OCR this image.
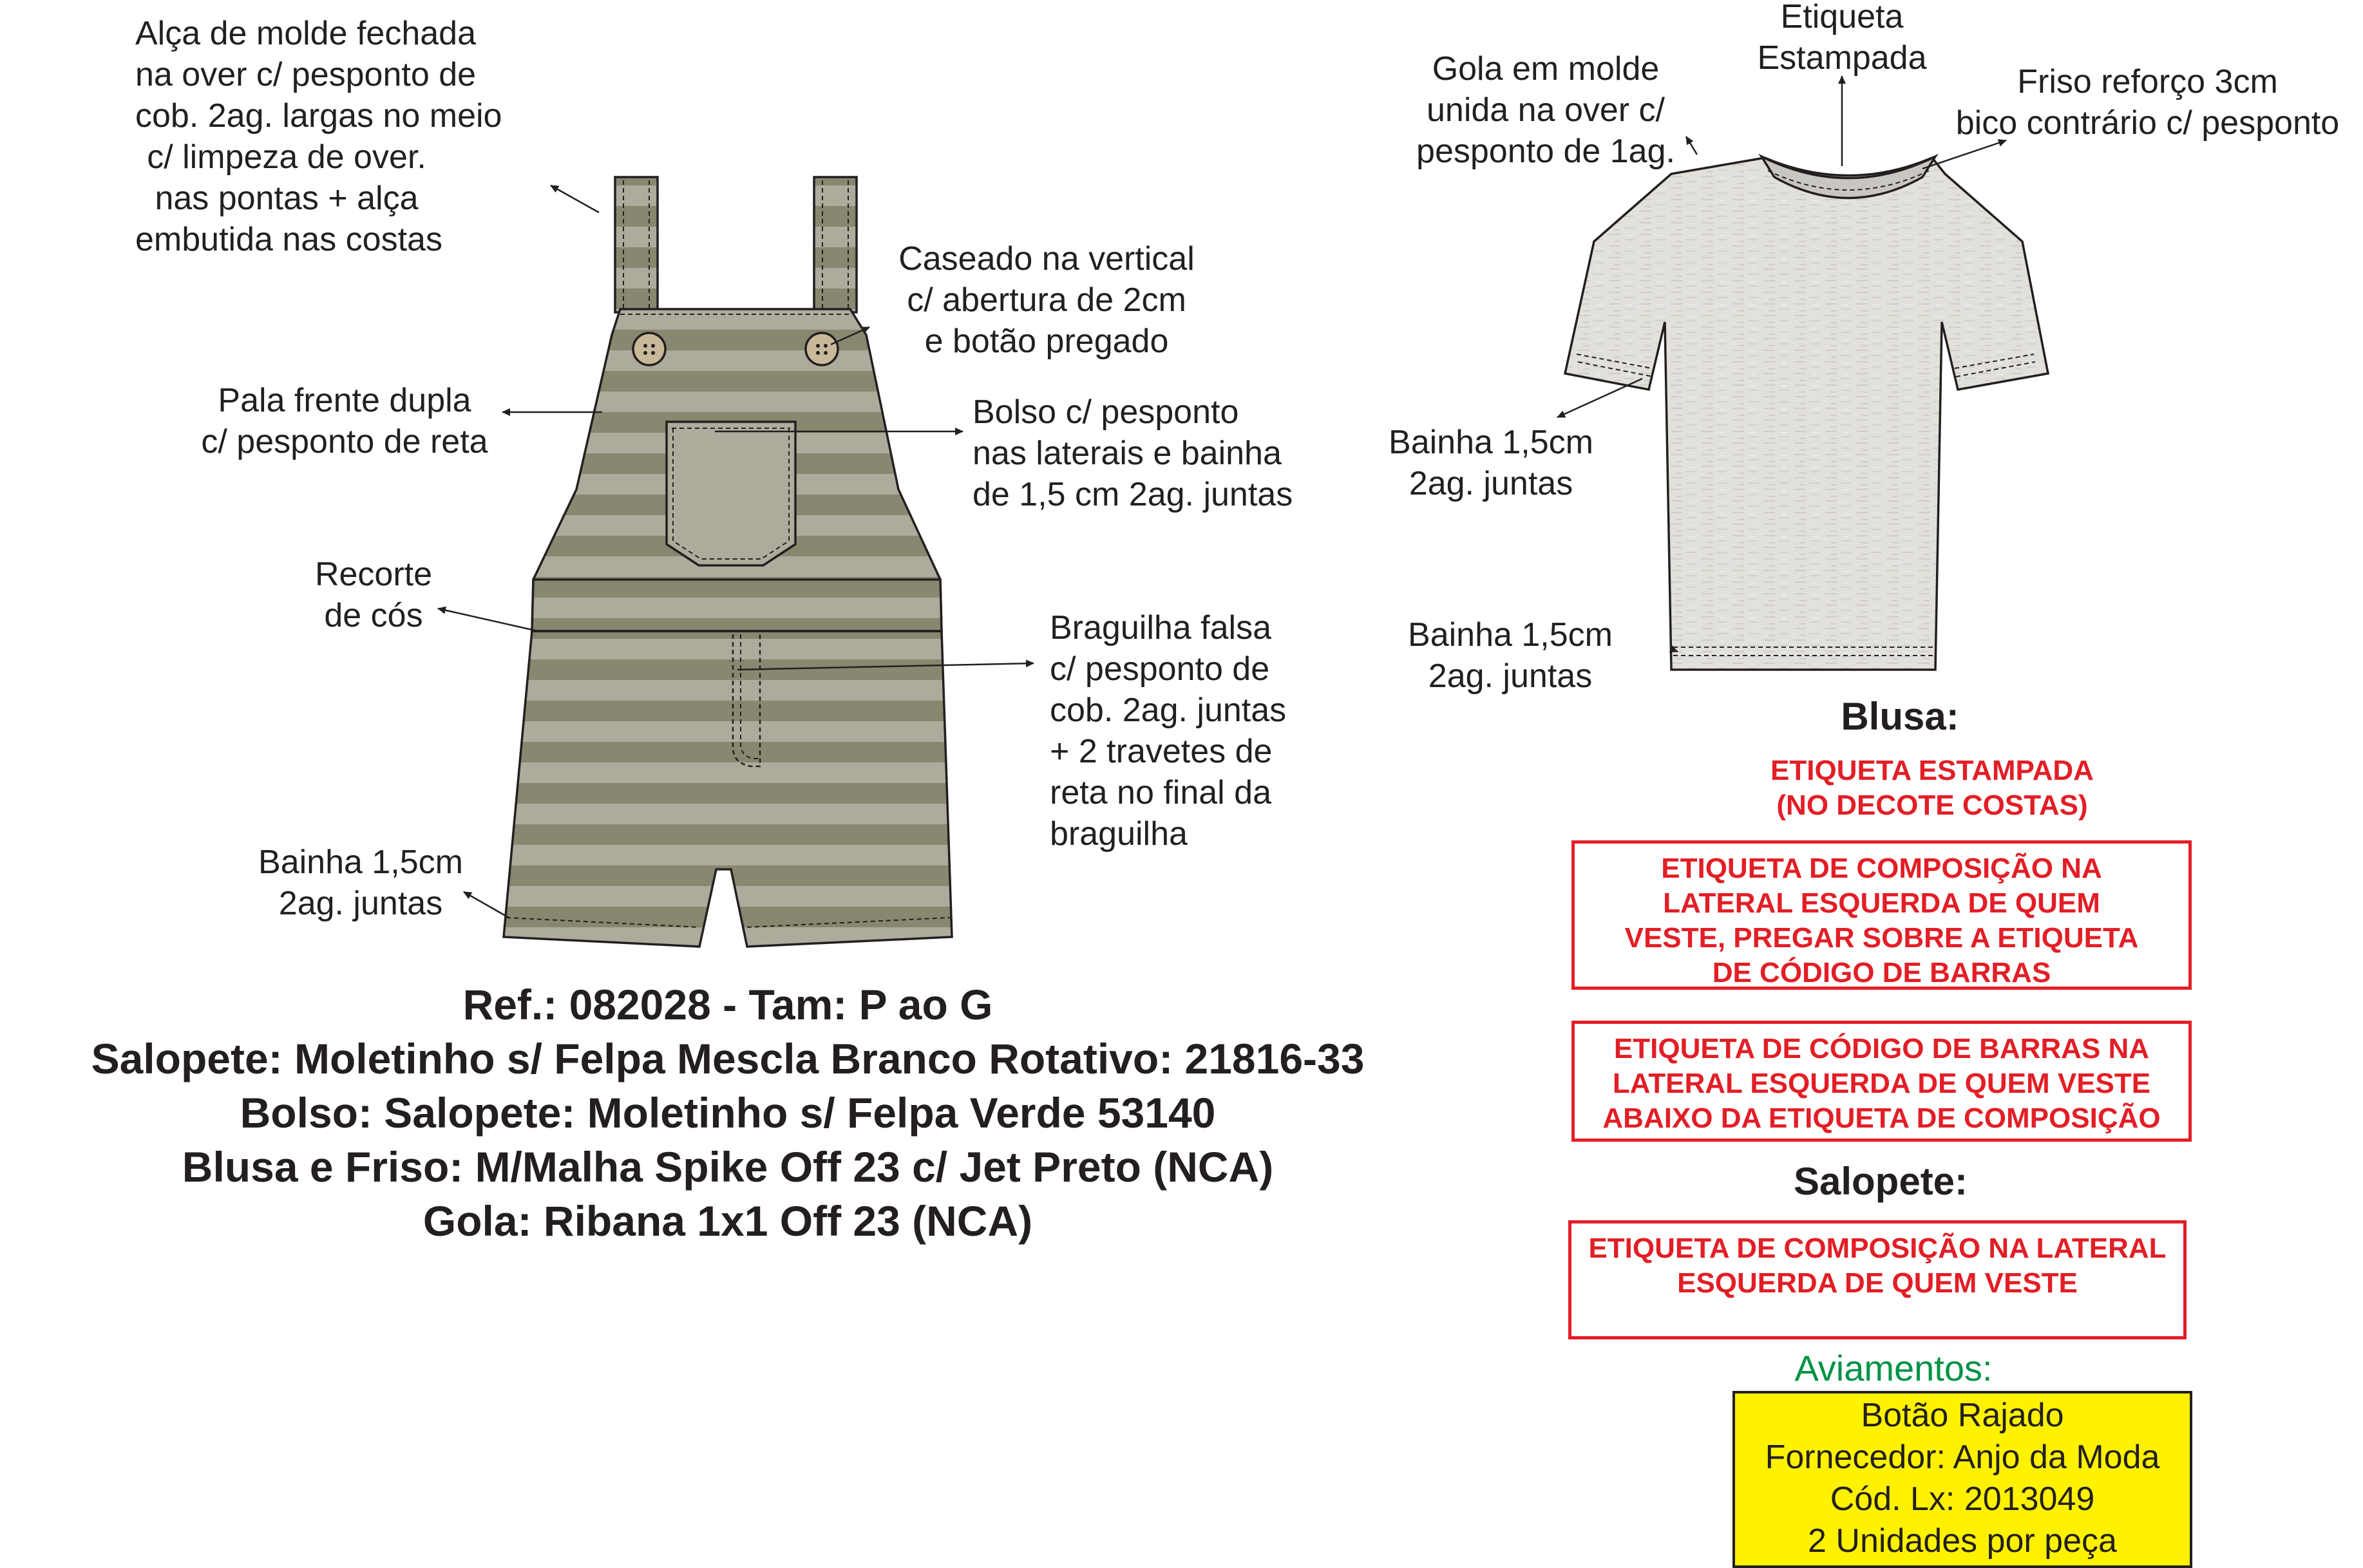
Alça de molde fechada
na over c/ pesponto de
cob. 2ag. largas no meio
c/ limpeza de over.
nas pontas + alça
embutida nas costas
Caseado na vertical
c/ abertura de 2cm
e botão pregado
Pala frente dupla
c/ pesponto de reta
Bolso c/ pesponto
nas laterais e bainha
de 1,5 cm 2ag. juntas
Recorte
de cós	Braguilha falsa
c/ pesponto de
cob. 2ag. juntas
+ 2 travetes de
reta no final da
braguilha
Bainha 1,5cm
2ag. juntas
Etiqueta
Estampada
Gola em molde
unida na over c/
pesponto de 1ag.
Friso reforço 3cm
bico contrário c/ pesponto
Bainha 1,5cm
2ag. juntas
Bainha 1,5cm
2ag. juntas
Ref.: 082028 - Tam: P ao G
Salopete: Moletinho s/ Felpa Mescla Branco Rotativo: 21816-33
Bolso: Salopete: Moletinho s/ Felpa Verde 53140
Blusa e Friso: M/Malha Spike Off 23 c/ Jet Preto (NCA)
Gola: Ribana 1x1 Off 23 (NCA)
Blusa:
ETIQUETA ESTAMPADA
(NO DECOTE COSTAS)
ETIQUETA DE COMPOSIÇÃO NA
LATERAL ESQUERDA DE QUEM
VESTE, PREGAR SOBRE A ETIQUETA
DE CÓDIGO DE BARRAS
ETIQUETA DE CÓDIGO DE BARRAS NA
LATERAL ESQUERDA DE QUEM VESTE
ABAIXO DA ETIQUETA DE COMPOSIÇÃO
Salopete:
ETIQUETA DE COMPOSIÇÃO NA LATERAL
ESQUERDA DE QUEM VESTE
Aviamentos:
Botão Rajado
Fornecedor: Anjo da Moda
Cód. Lx: 2013049
2 Unidades por peça
